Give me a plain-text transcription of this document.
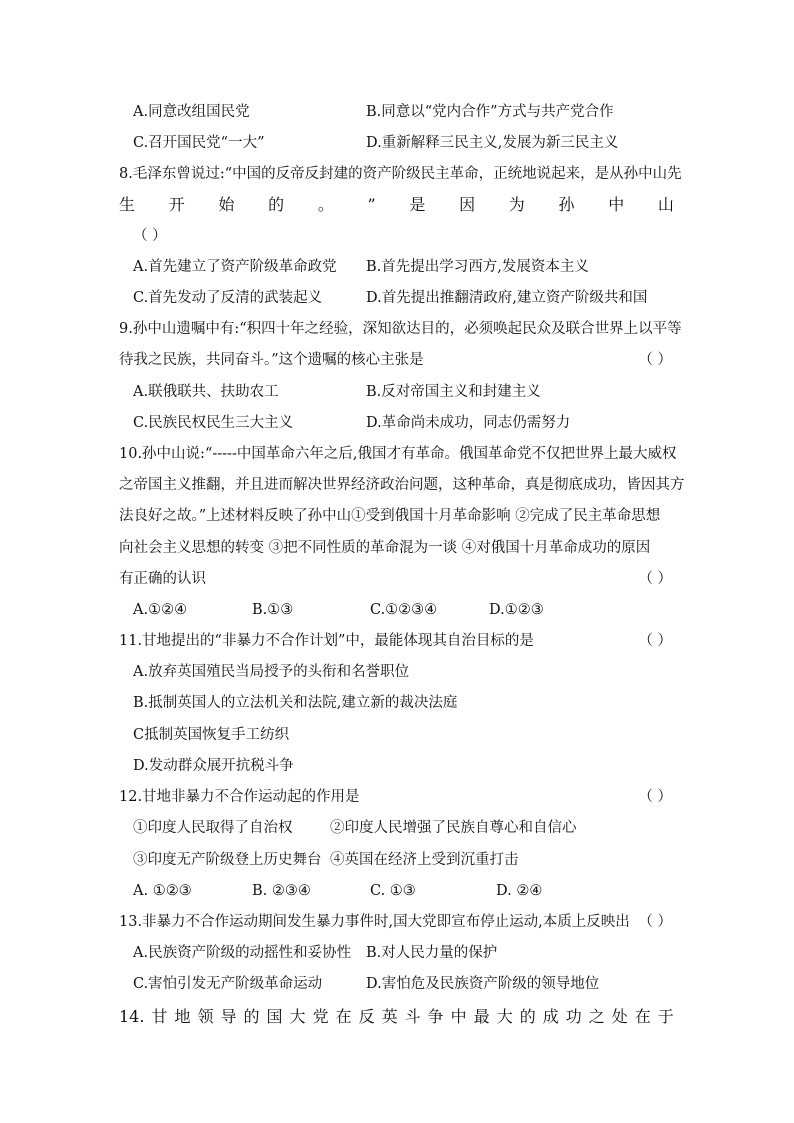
A.同意改组国民党	B.同意以“党内合作”方式与共产党合作
C.召开国民党“一大”	D.重新解释三民主义,发展为新三民主义
8.毛泽东曾说过:“中国的反帝反封建的资产阶级民主革命，正统地说起来，是从孙中山先
生 开 始 的 。 ” 是 因 为 孙 中 山
（ ）
A.首先建立了资产阶级革命政党 B.首先提出学习西方,发展资本主义
C.首先发动了反清的武装起义	D.首先提出推翻清政府,建立资产阶级共和国
9.孙中山遗嘱中有:“积四十年之经验，深知欲达目的，必须唤起民众及联合世界上以平等
待我之民族，共同奋斗。”这个遗嘱的核心主张是	（ ）
A.联俄联共、扶助农工	B.反对帝国主义和封建主义
C.民族民权民生三大主义	D.革命尚未成功，同志仍需努力
10.孙中山说:“-----中国革命六年之后,俄国才有革命。俄国革命党不仅把世界上最大威权
之帝国主义推翻，并且进而解决世界经济政治问题，这种革命，真是彻底成功，皆因其方
法良好之故。”上述材料反映了孙中山①受到俄国十月革命影响 ②完成了民主革命思想
向社会主义思想的转变 ③把不同性质的革命混为一谈 ④对俄国十月革命成功的原因
有正确的认识	（ ）
A.①②④	B.①③	C.①②③④	D.①②③
11.甘地提出的“非暴力不合作计划”中，最能体现其自治目标的是	（ ）
A.放弃英国殖民当局授予的头衔和名誉职位
B.抵制英国人的立法机关和法院,建立新的裁决法庭
C抵制英国恢复手工纺织
D.发动群众展开抗税斗争
12.甘地非暴力不合作运动起的作用是	（ ）
①印度人民取得了自治权	②印度人民增强了民族自尊心和自信心
③印度无产阶级登上历史舞台 ④英国在经济上受到沉重打击
A. ①②③	B. ②③④	C. ①③	D. ②④
13.非暴力不合作运动期间发生暴力事件时,国大党即宣布停止运动,本质上反映出 （ ）
A.民族资产阶级的动摇性和妥协性 B.对人民力量的保护
C.害怕引发无产阶级革命运动	D.害怕危及民族资产阶级的领导地位
14. 甘 地 领 导 的 国 大 党 在 反 英 斗 争 中 最 大 的 成 功 之 处 在 于
